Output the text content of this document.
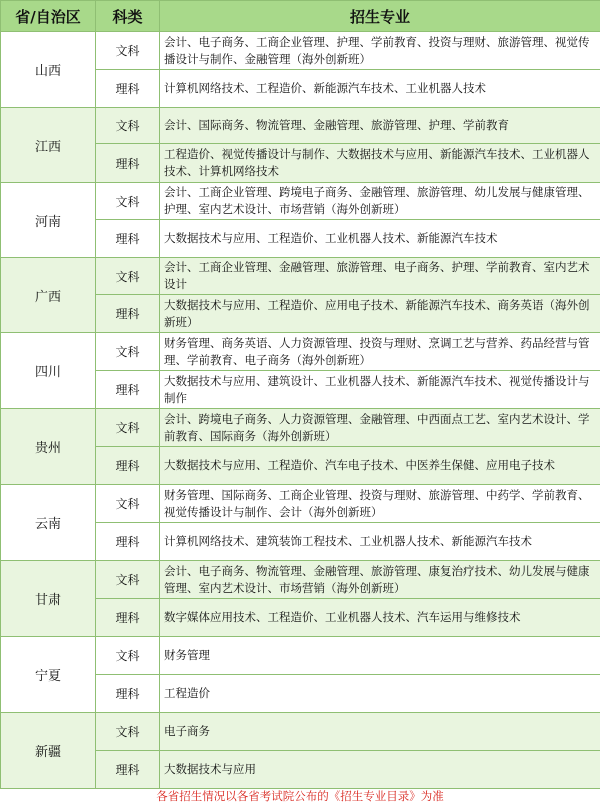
省/自治区	科类	招生专业
山西	文科	会计、电子商务、工商企业管理、护理、学前教育、投资与理财、旅游管理、视觉传播设计与制作、金融管理（海外创新班）
	理科	计算机网络技术、工程造价、新能源汽车技术、工业机器人技术
江西	文科	会计、国际商务、物流管理、金融管理、旅游管理、护理、学前教育
	理科	工程造价、视觉传播设计与制作、大数据技术与应用、新能源汽车技术、工业机器人技术、计算机网络技术
河南	文科	会计、工商企业管理、跨境电子商务、金融管理、旅游管理、幼儿发展与健康管理、护理、室内艺术设计、市场营销（海外创新班）
	理科	大数据技术与应用、工程造价、工业机器人技术、新能源汽车技术
广西	文科	会计、工商企业管理、金融管理、旅游管理、电子商务、护理、学前教育、室内艺术设计
	理科	大数据技术与应用、工程造价、应用电子技术、新能源汽车技术、商务英语（海外创新班）
四川	文科	财务管理、商务英语、人力资源管理、投资与理财、烹调工艺与营养、药品经营与管理、学前教育、电子商务（海外创新班）
	理科	大数据技术与应用、建筑设计、工业机器人技术、新能源汽车技术、视觉传播设计与制作
贵州	文科	会计、跨境电子商务、人力资源管理、金融管理、中西面点工艺、室内艺术设计、学前教育、国际商务（海外创新班）
	理科	大数据技术与应用、工程造价、汽车电子技术、中医养生保健、应用电子技术
云南	文科	财务管理、国际商务、工商企业管理、投资与理财、旅游管理、中药学、学前教育、视觉传播设计与制作、会计（海外创新班）
	理科	计算机网络技术、建筑装饰工程技术、工业机器人技术、新能源汽车技术
甘肃	文科	会计、电子商务、物流管理、金融管理、旅游管理、康复治疗技术、幼儿发展与健康管理、室内艺术设计、市场营销（海外创新班）
	理科	数字媒体应用技术、工程造价、工业机器人技术、汽车运用与维修技术
宁夏	文科	财务管理
	理科	工程造价
新疆	文科	电子商务
	理科	大数据技术与应用
各省招生情况以各省考试院公布的《招生专业目录》为准
